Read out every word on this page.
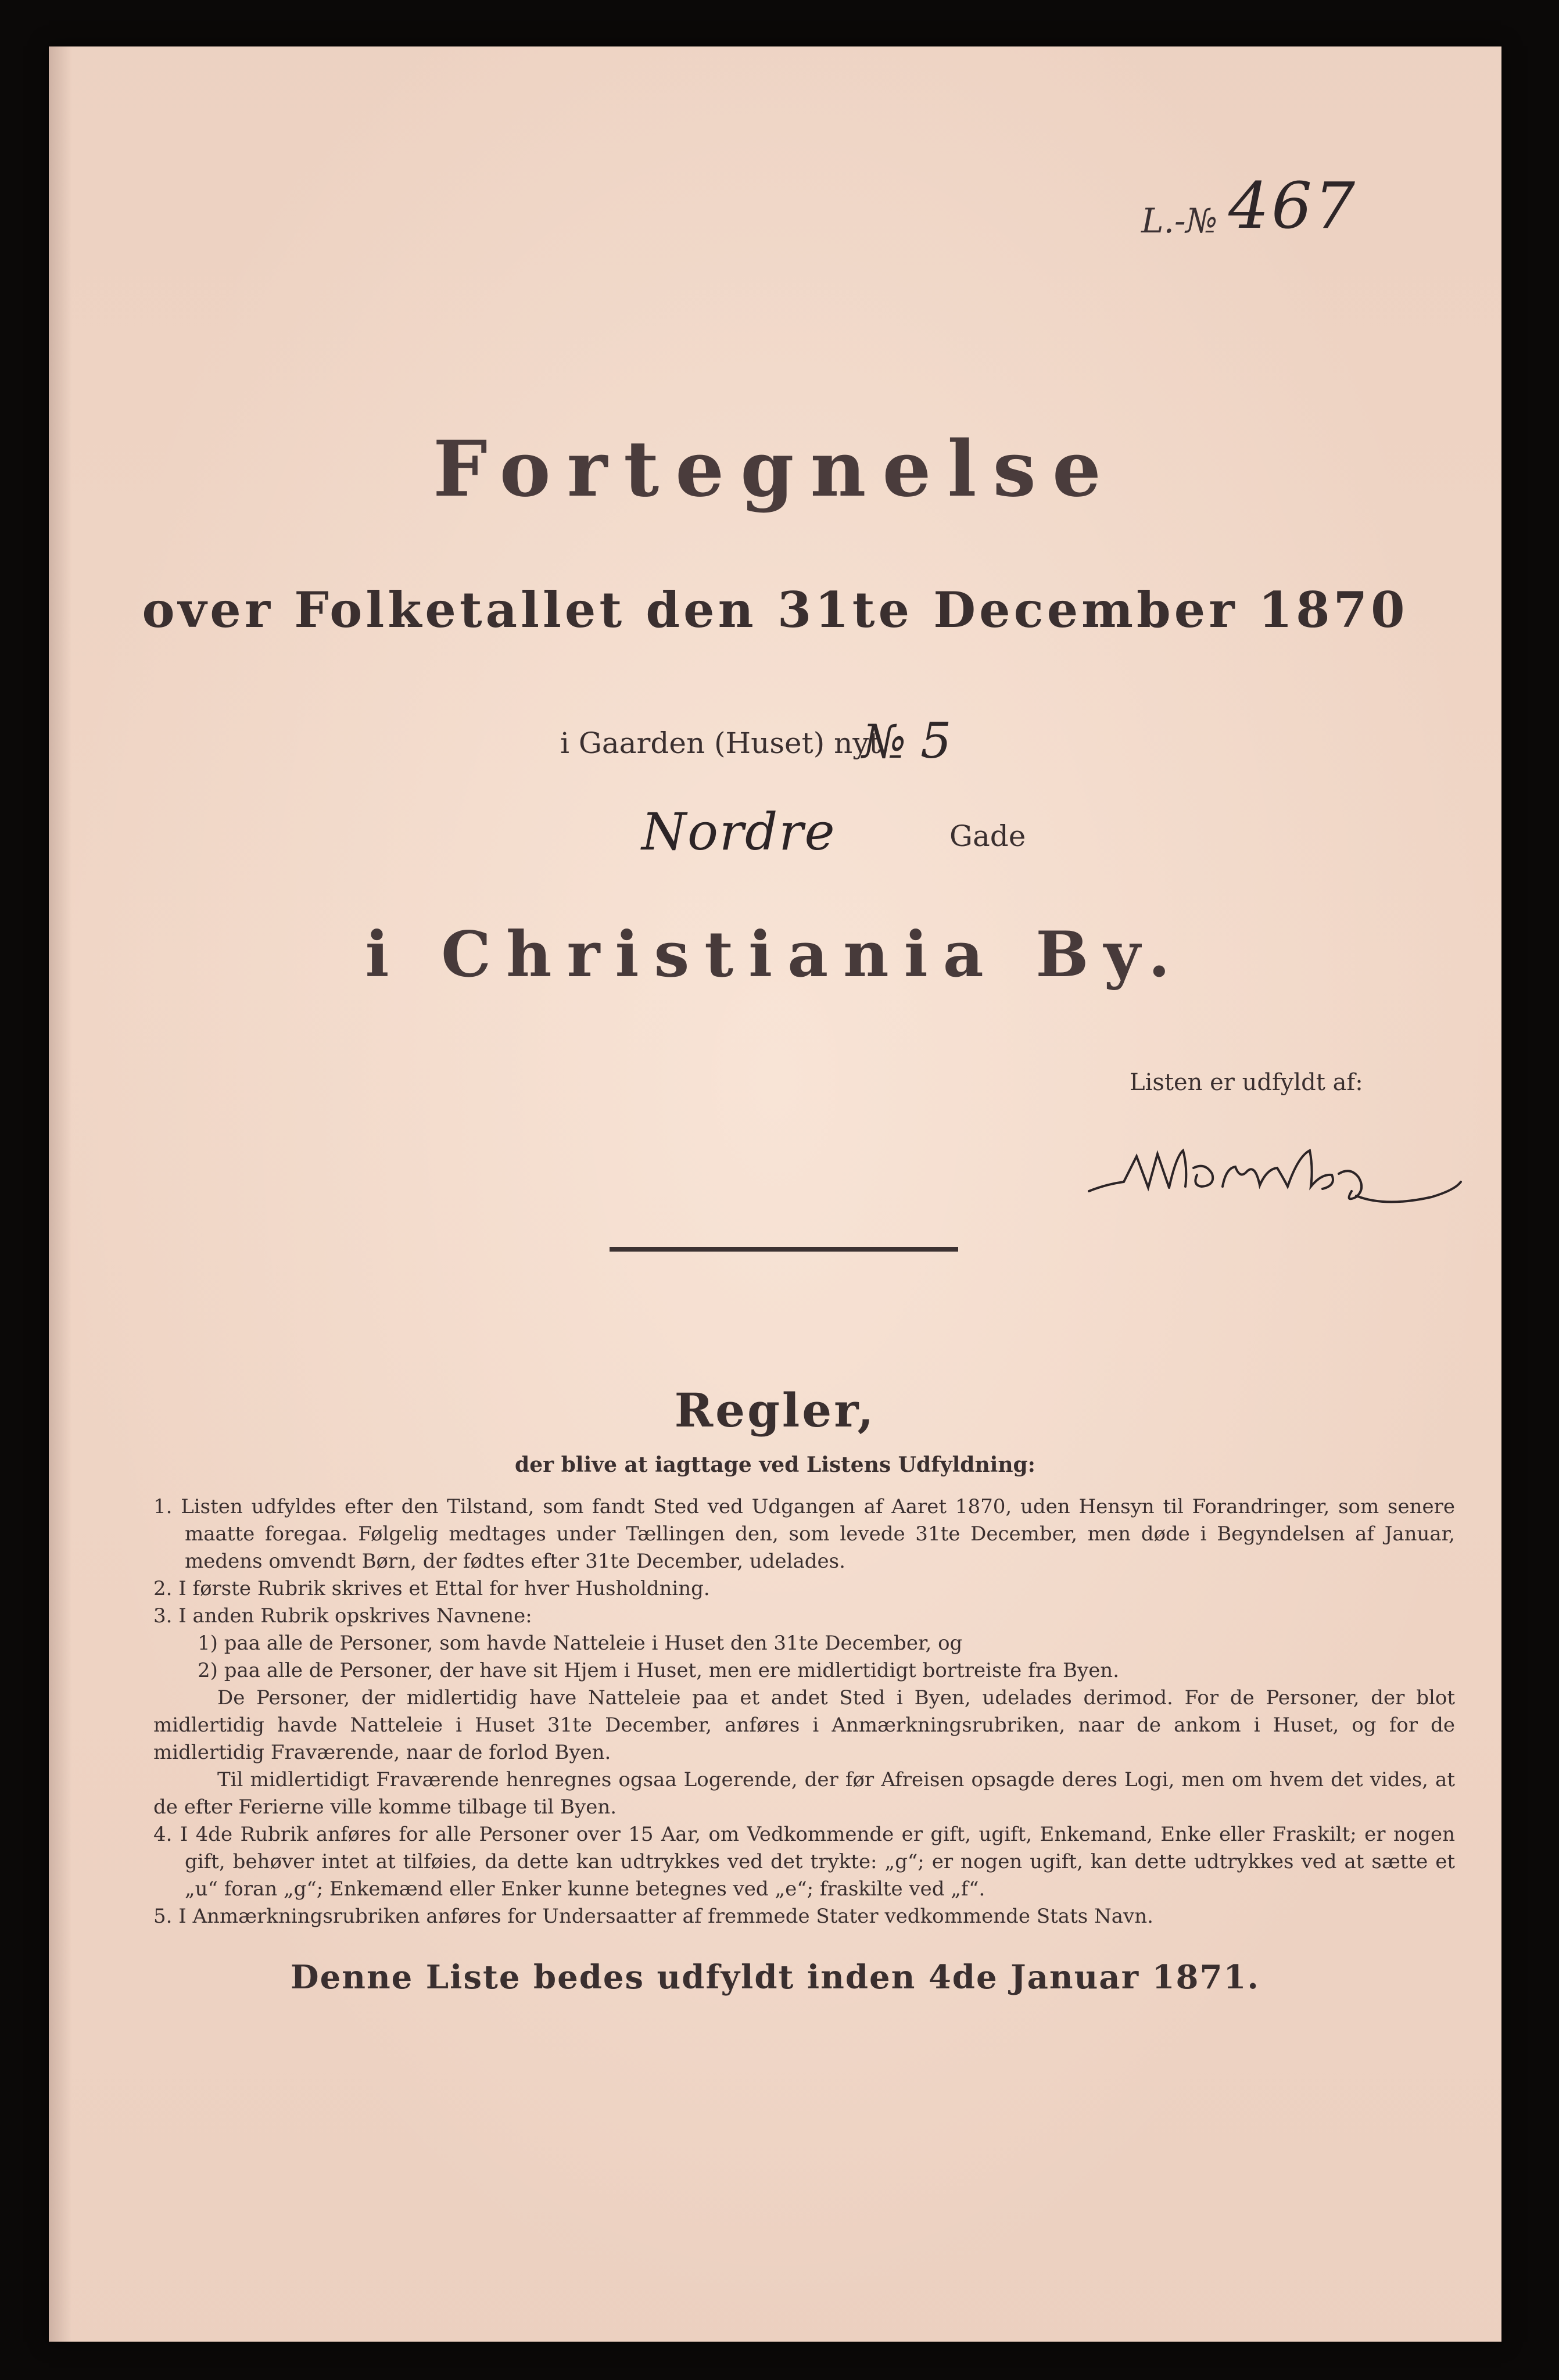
L.-№ 467
Fortegnelse
over Folketallet den 31te December 1870
i Gaarden (Huset) nyt
№ 5
Nordre	Gade
i Christiania By.
Listen er udfyldt af:
Regler,
der blive at iagttage ved Listens Udfyldning:

1. Listen udfyldes efter den Tilstand, som fandt Sted ved Udgangen af Aaret 1870, uden Hensyn til Forandringer, som senere maatte foregaa. Følgelig medtages under Tællingen den, som levede 31te December, men døde i Begyndelsen af Januar, medens omvendt Børn, der fødtes efter 31te December, udelades.

2. I første Rubrik skrives et Ettal for hver Husholdning.

3. I anden Rubrik opskrives Navnene:

1) paa alle de Personer, som havde Natteleie i Huset den 31te December, og

2) paa alle de Personer, der have sit Hjem i Huset, men ere midlertidigt bortreiste fra Byen.

De Personer, der midlertidig have Natteleie paa et andet Sted i Byen, udelades derimod. For de Personer, der blot midlertidig havde Natteleie i Huset 31te December, anføres i Anmærkningsrubriken, naar de ankom i Huset, og for de midlertidig Fraværende, naar de forlod Byen.

Til midlertidigt Fraværende henregnes ogsaa Logerende, der før Afreisen opsagde deres Logi, men om hvem det vides, at de efter Ferierne ville komme tilbage til Byen.

4. I 4de Rubrik anføres for alle Personer over 15 Aar, om Vedkommende er gift, ugift, Enkemand, Enke eller Fraskilt; er nogen gift, behøver intet at tilføies, da dette kan udtrykkes ved det trykte: „g“; er nogen ugift, kan dette udtrykkes ved at sætte et „u“ foran „g“; Enkemænd eller Enker kunne betegnes ved „e“; fraskilte ved „f“.

5. I Anmærkningsrubriken anføres for Undersaatter af fremmede Stater vedkommende Stats Navn.

Denne Liste bedes udfyldt inden 4de Januar 1871.
